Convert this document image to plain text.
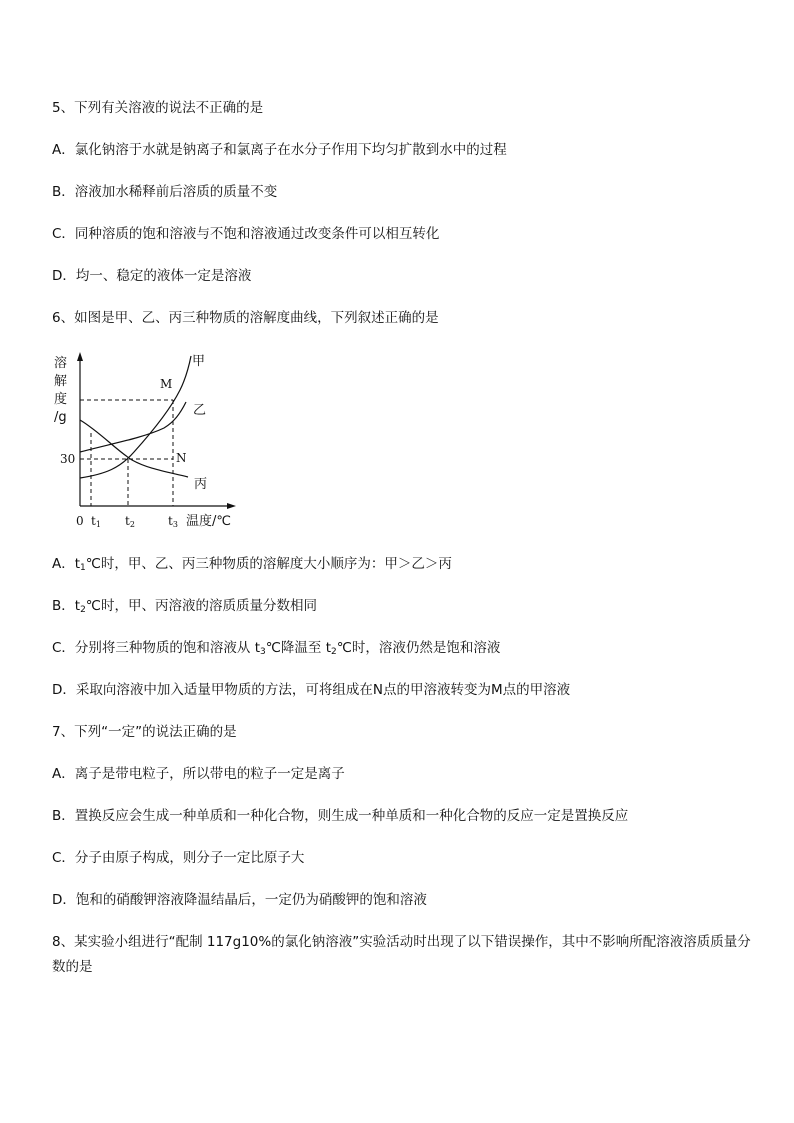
5、下列有关溶液的说法不正确的是
A．氯化钠溶于水就是钠离子和氯离子在水分子作用下均匀扩散到水中的过程
B．溶液加水稀释前后溶质的质量不变
C．同种溶质的饱和溶液与不饱和溶液通过改变条件可以相互转化
D．均一、稳定的液体一定是溶液
6、如图是甲、乙、丙三种物质的溶解度曲线，下列叙述正确的是
溶
解
度
/g
甲
乙
丙
M
N
30
0 t1 t2	t3 温度/℃
A．$t_1℃$时，甲、乙、丙三种物质的溶解度大小顺序为：甲＞乙＞丙
B．$t_2℃$时，甲、丙溶液的溶质质量分数相同
C．分别将三种物质的饱和溶液从 $t_3℃$降温至 $t_2℃$时，溶液仍然是饱和溶液
D．采取向溶液中加入适量甲物质的方法，可将组成在N点的甲溶液转变为M点的甲溶液
7、下列“一定”的说法正确的是
A．离子是带电粒子，所以带电的粒子一定是离子
B．置换反应会生成一种单质和一种化合物，则生成一种单质和一种化合物的反应一定是置换反应
C．分子由原子构成，则分子一定比原子大
D．饱和的硝酸钾溶液降温结晶后，一定仍为硝酸钾的饱和溶液
8、某实验小组进行“配制 117g10%的氯化钠溶液”实验活动时出现了以下错误操作，其中不影响所配溶液溶质质量分数的是
